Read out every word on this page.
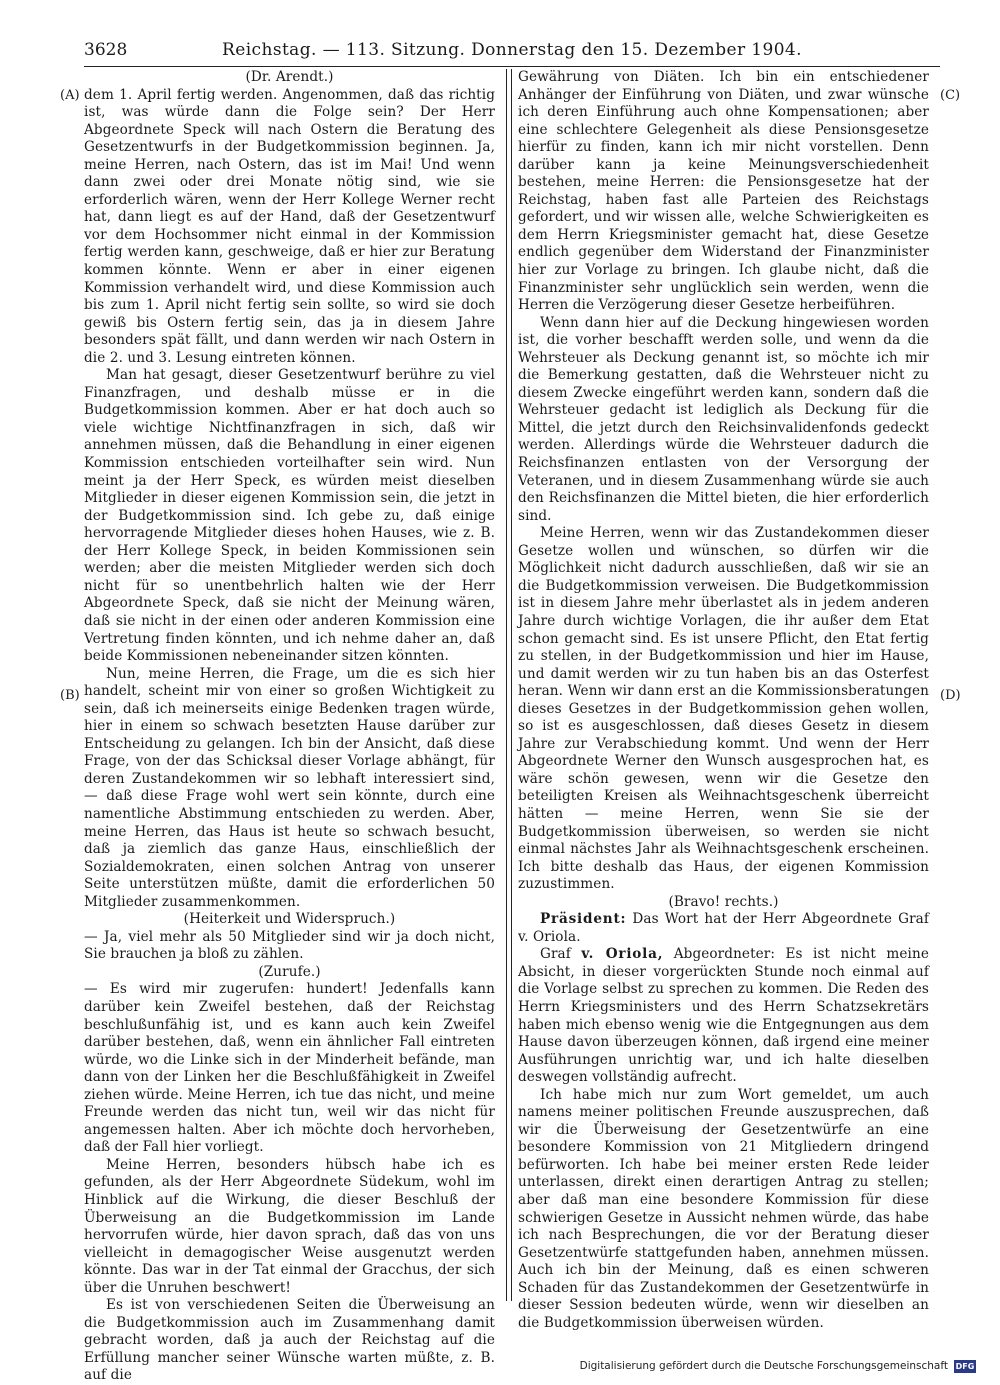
3628	Reichstag. — 113. Sitzung. Donnerstag den 15. Dezember 1904.
(A)
(B)
(C)
(D)

(Dr. Arendt.)

dem 1. April fertig werden. Angenommen, daß das richtig ist, was würde dann die Folge sein? Der Herr Abgeordnete Speck will nach Ostern die Beratung des Gesetzentwurfs in der Budgetkommission beginnen. Ja, meine Herren, nach Ostern, das ist im Mai! Und wenn dann zwei oder drei Monate nötig sind, wie sie erforderlich wären, wenn der Herr Kollege Werner recht hat, dann liegt es auf der Hand, daß der Gesetzentwurf vor dem Hochsommer nicht einmal in der Kommission fertig werden kann, geschweige, daß er hier zur Beratung kommen könnte. Wenn er aber in einer eigenen Kommission verhandelt wird, und diese Kommission auch bis zum 1. April nicht fertig sein sollte, so wird sie doch gewiß bis Ostern fertig sein, das ja in diesem Jahre besonders spät fällt, und dann werden wir nach Ostern in die 2. und 3. Lesung eintreten können.

Man hat gesagt, dieser Gesetzentwurf berühre zu viel Finanzfragen, und deshalb müsse er in die Budgetkommission kommen. Aber er hat doch auch so viele wichtige Nichtfinanzfragen in sich, daß wir annehmen müssen, daß die Behandlung in einer eigenen Kommission entschieden vorteilhafter sein wird. Nun meint ja der Herr Speck, es würden meist dieselben Mitglieder in dieser eigenen Kommission sein, die jetzt in der Budgetkommission sind. Ich gebe zu, daß einige hervorragende Mitglieder dieses hohen Hauses, wie z. B. der Herr Kollege Speck, in beiden Kommissionen sein werden; aber die meisten Mitglieder werden sich doch nicht für so unentbehrlich halten wie der Herr Abgeordnete Speck, daß sie nicht der Meinung wären, daß sie nicht in der einen oder anderen Kommission eine Vertretung finden könnten, und ich nehme daher an, daß beide Kommissionen nebeneinander sitzen könnten.

Nun, meine Herren, die Frage, um die es sich hier handelt, scheint mir von einer so großen Wichtigkeit zu sein, daß ich meinerseits einige Bedenken tragen würde, hier in einem so schwach besetzten Hause darüber zur Entscheidung zu gelangen. Ich bin der Ansicht, daß diese Frage, von der das Schicksal dieser Vorlage abhängt, für deren Zustandekommen wir so lebhaft interessiert sind, — daß diese Frage wohl wert sein könnte, durch eine namentliche Abstimmung entschieden zu werden. Aber, meine Herren, das Haus ist heute so schwach besucht, daß ja ziemlich das ganze Haus, einschließlich der Sozialdemokraten, einen solchen Antrag von unserer Seite unterstützen müßte, damit die erforderlichen 50 Mitglieder zusammenkommen.

(Heiterkeit und Widerspruch.)

— Ja, viel mehr als 50 Mitglieder sind wir ja doch nicht, Sie brauchen ja bloß zu zählen.

(Zurufe.)

— Es wird mir zugerufen: hundert! Jedenfalls kann darüber kein Zweifel bestehen, daß der Reichstag beschlußunfähig ist, und es kann auch kein Zweifel darüber bestehen, daß, wenn ein ähnlicher Fall eintreten würde, wo die Linke sich in der Minderheit befände, man dann von der Linken her die Beschlußfähigkeit in Zweifel ziehen würde. Meine Herren, ich tue das nicht, und meine Freunde werden das nicht tun, weil wir das nicht für angemessen halten. Aber ich möchte doch hervorheben, daß der Fall hier vorliegt.

Meine Herren, besonders hübsch habe ich es gefunden, als der Herr Abgeordnete Südekum, wohl im Hinblick auf die Wirkung, die dieser Beschluß der Überweisung an die Budgetkommission im Lande hervorrufen würde, hier davon sprach, daß das von uns vielleicht in demagogischer Weise ausgenutzt werden könnte. Das war in der Tat einmal der Gracchus, der sich über die Unruhen beschwert!

Es ist von verschiedenen Seiten die Überweisung an die Budgetkommission auch im Zusammenhang damit gebracht worden, daß ja auch der Reichstag auf die Erfüllung mancher seiner Wünsche warten müßte, z. B. auf die

Gewährung von Diäten. Ich bin ein entschiedener Anhänger der Einführung von Diäten, und zwar wünsche ich deren Einführung auch ohne Kompensationen; aber eine schlechtere Gelegenheit als diese Pensionsgesetze hierfür zu finden, kann ich mir nicht vorstellen. Denn darüber kann ja keine Meinungsverschiedenheit bestehen, meine Herren: die Pensionsgesetze hat der Reichstag, haben fast alle Parteien des Reichstags gefordert, und wir wissen alle, welche Schwierigkeiten es dem Herrn Kriegsminister gemacht hat, diese Gesetze endlich gegenüber dem Widerstand der Finanzminister hier zur Vorlage zu bringen. Ich glaube nicht, daß die Finanzminister sehr unglücklich sein werden, wenn die Herren die Verzögerung dieser Gesetze herbeiführen.

Wenn dann hier auf die Deckung hingewiesen worden ist, die vorher beschafft werden solle, und wenn da die Wehrsteuer als Deckung genannt ist, so möchte ich mir die Bemerkung gestatten, daß die Wehrsteuer nicht zu diesem Zwecke eingeführt werden kann, sondern daß die Wehrsteuer gedacht ist lediglich als Deckung für die Mittel, die jetzt durch den Reichsinvalidenfonds gedeckt werden. Allerdings würde die Wehrsteuer dadurch die Reichsfinanzen entlasten von der Versorgung der Veteranen, und in diesem Zusammenhang würde sie auch den Reichsfinanzen die Mittel bieten, die hier erforderlich sind.

Meine Herren, wenn wir das Zustandekommen dieser Gesetze wollen und wünschen, so dürfen wir die Möglichkeit nicht dadurch ausschließen, daß wir sie an die Budgetkommission verweisen. Die Budgetkommission ist in diesem Jahre mehr überlastet als in jedem anderen Jahre durch wichtige Vorlagen, die ihr außer dem Etat schon gemacht sind. Es ist unsere Pflicht, den Etat fertig zu stellen, in der Budgetkommission und hier im Hause, und damit werden wir zu tun haben bis an das Osterfest heran. Wenn wir dann erst an die Kommissionsberatungen dieses Gesetzes in der Budgetkommission gehen wollen, so ist es ausgeschlossen, daß dieses Gesetz in diesem Jahre zur Verabschiedung kommt. Und wenn der Herr Abgeordnete Werner den Wunsch ausgesprochen hat, es wäre schön gewesen, wenn wir die Gesetze den beteiligten Kreisen als Weihnachtsgeschenk überreicht hätten — meine Herren, wenn Sie sie der Budgetkommission überweisen, so werden sie nicht einmal nächstes Jahr als Weihnachtsgeschenk erscheinen. Ich bitte deshalb das Haus, der eigenen Kommission zuzustimmen.

(Bravo! rechts.)

Präsident: Das Wort hat der Herr Abgeordnete Graf v. Oriola.

Graf v. Oriola, Abgeordneter: Es ist nicht meine Absicht, in dieser vorgerückten Stunde noch einmal auf die Vorlage selbst zu sprechen zu kommen. Die Reden des Herrn Kriegsministers und des Herrn Schatzsekretärs haben mich ebenso wenig wie die Entgegnungen aus dem Hause davon überzeugen können, daß irgend eine meiner Ausführungen unrichtig war, und ich halte dieselben deswegen vollständig aufrecht.

Ich habe mich nur zum Wort gemeldet, um auch namens meiner politischen Freunde auszusprechen, daß wir die Überweisung der Gesetzentwürfe an eine besondere Kommission von 21 Mitgliedern dringend befürworten. Ich habe bei meiner ersten Rede leider unterlassen, direkt einen derartigen Antrag zu stellen; aber daß man eine besondere Kommission für diese schwierigen Gesetze in Aussicht nehmen würde, das habe ich nach Besprechungen, die vor der Beratung dieser Gesetzentwürfe stattgefunden haben, annehmen müssen. Auch ich bin der Meinung, daß es einen schweren Schaden für das Zustandekommen der Gesetzentwürfe in dieser Session bedeuten würde, wenn wir dieselben an die Budgetkommission überweisen würden.

Digitalisierung gefördert durch die Deutsche Forschungsgemeinschaft DFG
